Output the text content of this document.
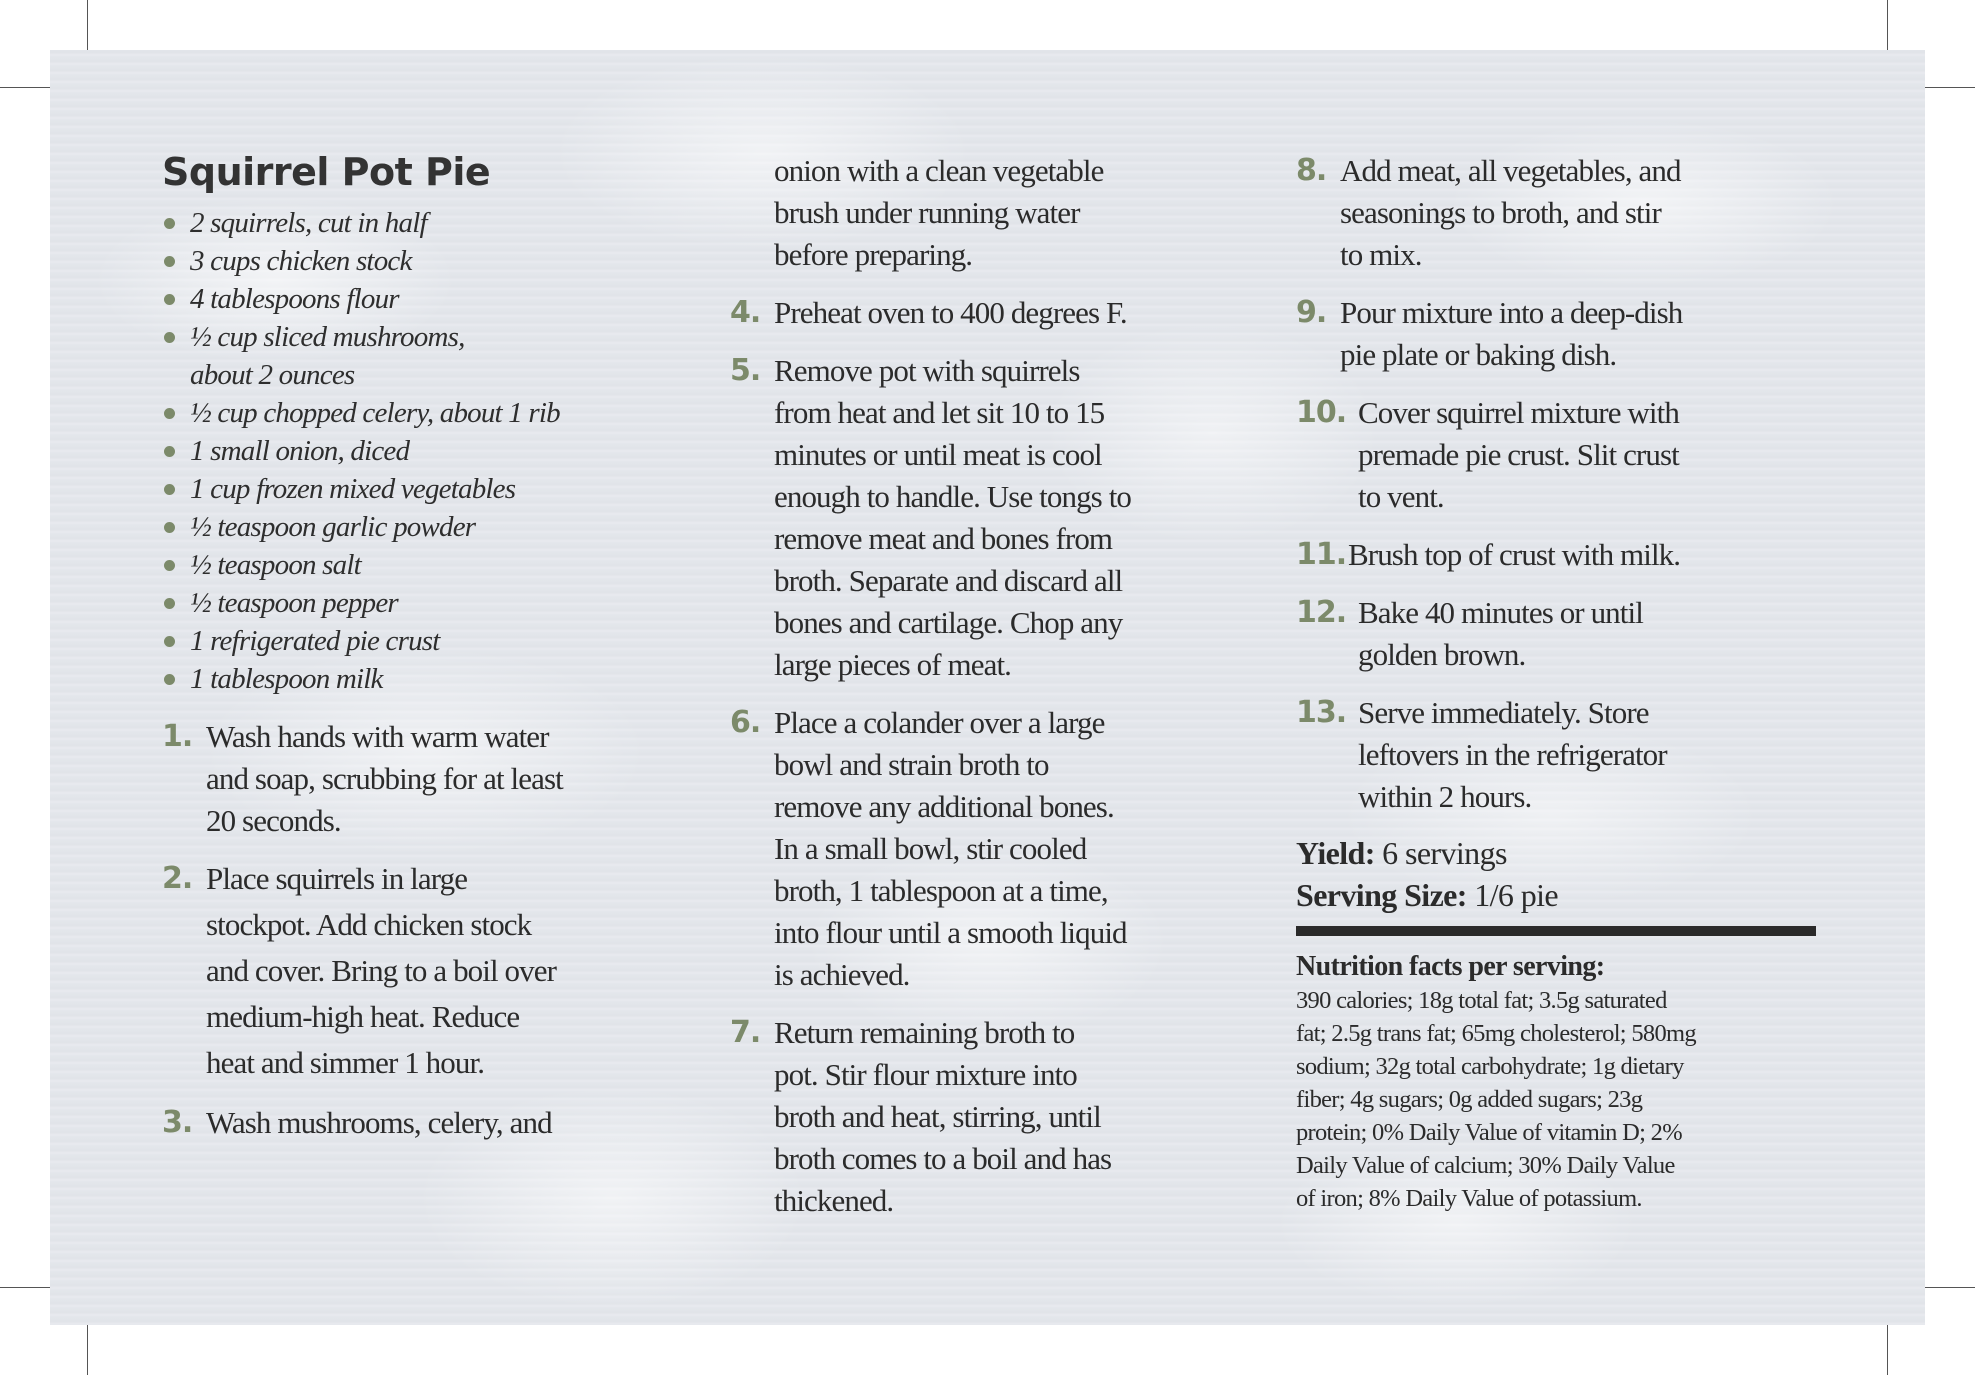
Squirrel Pot Pie
2 squirrels, cut in half
3 cups chicken stock
4 tablespoons flour
½ cup sliced mushrooms,
about 2 ounces
½ cup chopped celery, about 1 rib
1 small onion, diced
1 cup frozen mixed vegetables
½ teaspoon garlic powder
½ teaspoon salt
½ teaspoon pepper
1 refrigerated pie crust
1 tablespoon milk
1. Wash hands with warm water
and soap, scrubbing for at least
20 seconds.
2. Place squirrels in large
stockpot. Add chicken stock
and cover. Bring to a boil over
medium-high heat. Reduce
heat and simmer 1 hour.
3. Wash mushrooms, celery, and
onion with a clean vegetable
brush under running water
before preparing.
4. Preheat oven to 400 degrees F.
5. Remove pot with squirrels
from heat and let sit 10 to 15
minutes or until meat is cool
enough to handle. Use tongs to
remove meat and bones from
broth. Separate and discard all
bones and cartilage. Chop any
large pieces of meat.
6. Place a colander over a large
bowl and strain broth to
remove any additional bones.
In a small bowl, stir cooled
broth, 1 tablespoon at a time,
into flour until a smooth liquid
is achieved.
7. Return remaining broth to
pot. Stir flour mixture into
broth and heat, stirring, until
broth comes to a boil and has
thickened.
8. Add meat, all vegetables, and
seasonings to broth, and stir
to mix.
9. Pour mixture into a deep-dish
pie plate or baking dish.
10. Cover squirrel mixture with
premade pie crust. Slit crust
to vent.
11. Brush top of crust with milk.
12. Bake 40 minutes or until
golden brown.
13. Serve immediately. Store
leftovers in the refrigerator
within 2 hours.
Yield: 6 servings
Serving Size: 1/6 pie
Nutrition facts per serving:
390 calories; 18g total fat; 3.5g saturated
fat; 2.5g trans fat; 65mg cholesterol; 580mg
sodium; 32g total carbohydrate; 1g dietary
fiber; 4g sugars; 0g added sugars; 23g
protein; 0% Daily Value of vitamin D; 2%
Daily Value of calcium; 30% Daily Value
of iron; 8% Daily Value of potassium.
